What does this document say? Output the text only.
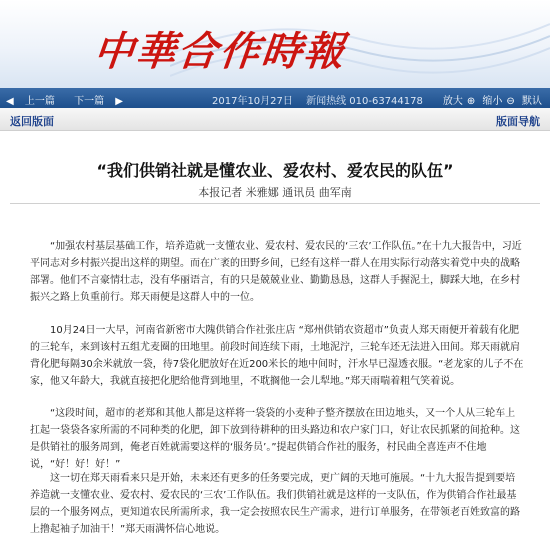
中華合作時報
◀ 上一篇 下一篇 ▶	2017年10月27日 新闻热线 010-63744178	放大 ⊕ 缩小 ⊖ 默认
返回版面	版面导航
“我们供销社就是懂农业、爱农村、爱农民的队伍”
本报记者 米雅娜 通讯员 曲军南

“加强农村基层基础工作，培养造就一支懂农业、爱农村、爱农民的‘三农’工作队伍。”在十九大报告中，习近平同志对乡村振兴提出这样的期望。而在广袤的田野乡间，已经有这样一群人在用实际行动落实着党中央的战略部署。他们不言豪情壮志，没有华丽语言，有的只是兢兢业业、勤勤恳恳，这群人手握泥土，脚踩大地，在乡村振兴之路上负重前行。郑天雨便是这群人中的一位。

10月24日一大早，河南省新密市大隗供销合作社张庄店 “郑州供销农资超市”负责人郑天雨便开着载有化肥的三轮车，来到该村五组尤麦圈的田地里。前段时间连续下雨，土地泥泞，三轮车还无法进入田间。郑天雨就肩背化肥每隔30余米就放一袋，待7袋化肥放好在近200米长的地中间时，汗水早已湿透衣服。“老龙家的儿子不在家，他又年龄大，我就直接把化肥给他背到地里，不耽搁他一会儿犁地。”郑天雨喘着粗气笑着说。

“这段时间，超市的老郑和其他人都是这样将一袋袋的小麦种子整齐摆放在田边地头，又一个人从三轮车上扛起一袋袋各家所需的不同种类的化肥，卸下放到待耕种的田头路边和农户家门口，好让农民抓紧的间抢种。这是供销社的服务周到，俺老百姓就需要这样的‘服务员’。”提起供销合作社的服务，村民曲全喜连声不住地说，“好！好！好！”

这一切在郑天雨看来只是开始，未来还有更多的任务要完成，更广阔的天地可施展。“十九大报告提到要培养造就一支懂农业、爱农村、爱农民的‘三农’工作队伍。我们供销社就是这样的一支队伍，作为供销合作社最基层的一个服务网点，更知道农民所需所求，我一定会按照农民生产需求，进行订单服务，在带领老百姓致富的路上撸起袖子加油干！”郑天雨满怀信心地说。
